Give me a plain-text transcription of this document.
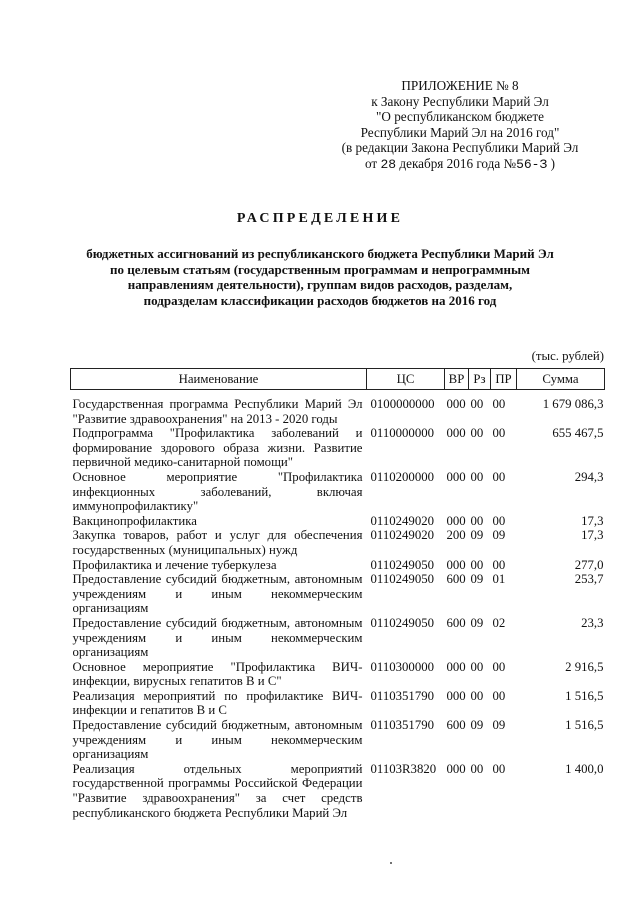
ПРИЛОЖЕНИЕ № 8
к Закону Республики Марий Эл
"О республиканском бюджете
Республики Марий Эл на 2016 год"
(в редакции Закона Республики Марий Эл
от 28 декабря 2016 года №56-З )
РАСПРЕДЕЛЕНИЕ
бюджетных ассигнований из республиканского бюджета Республики Марий Эл
по целевым статьям (государственным программам и непрограммным
направлениям деятельности), группам видов расходов, разделам,
подразделам классификации расходов бюджетов на 2016 год
(тыс. рублей)
Наименование	ЦС	ВР	Рз	ПР	Сумма

Государственная программа Республики Марий Эл "Развитие здравоохранения" на 2013 - 2020 годы	0100000000	000	00	00	1 679 086,3
Подпрограмма "Профилактика заболеваний и формирование здорового образа жизни. Развитие первичной медико-санитарной помощи"	0110000000	000	00	00	655 467,5
Основное мероприятие "Профилактика инфекционных заболеваний, включая иммунопрофилактику"	0110200000	000	00	00	294,3
Вакцинопрофилактика	0110249020	000	00	00	17,3
Закупка товаров, работ и услуг для обеспечения государственных (муниципальных) нужд	0110249020	200	09	09	17,3
Профилактика и лечение туберкулеза	0110249050	000	00	00	277,0
Предоставление субсидий бюджетным, автономным учреждениям и иным некоммерческим организациям	0110249050	600	09	01	253,7
Предоставление субсидий бюджетным, автономным учреждениям и иным некоммерческим организациям	0110249050	600	09	02	23,3
Основное мероприятие "Профилактика ВИЧ-инфекции, вирусных гепатитов В и С"	0110300000	000	00	00	2 916,5
Реализация мероприятий по профилактике ВИЧ-инфекции и гепатитов В и С	0110351790	000	00	00	1 516,5
Предоставление субсидий бюджетным, автономным учреждениям и иным некоммерческим организациям	0110351790	600	09	09	1 516,5
Реализация отдельных мероприятий государственной программы Российской Федерации "Развитие здравоохранения" за счет средств республиканского бюджета Республики Марий Эл	01103R3820	000	00	00	1 400,0
